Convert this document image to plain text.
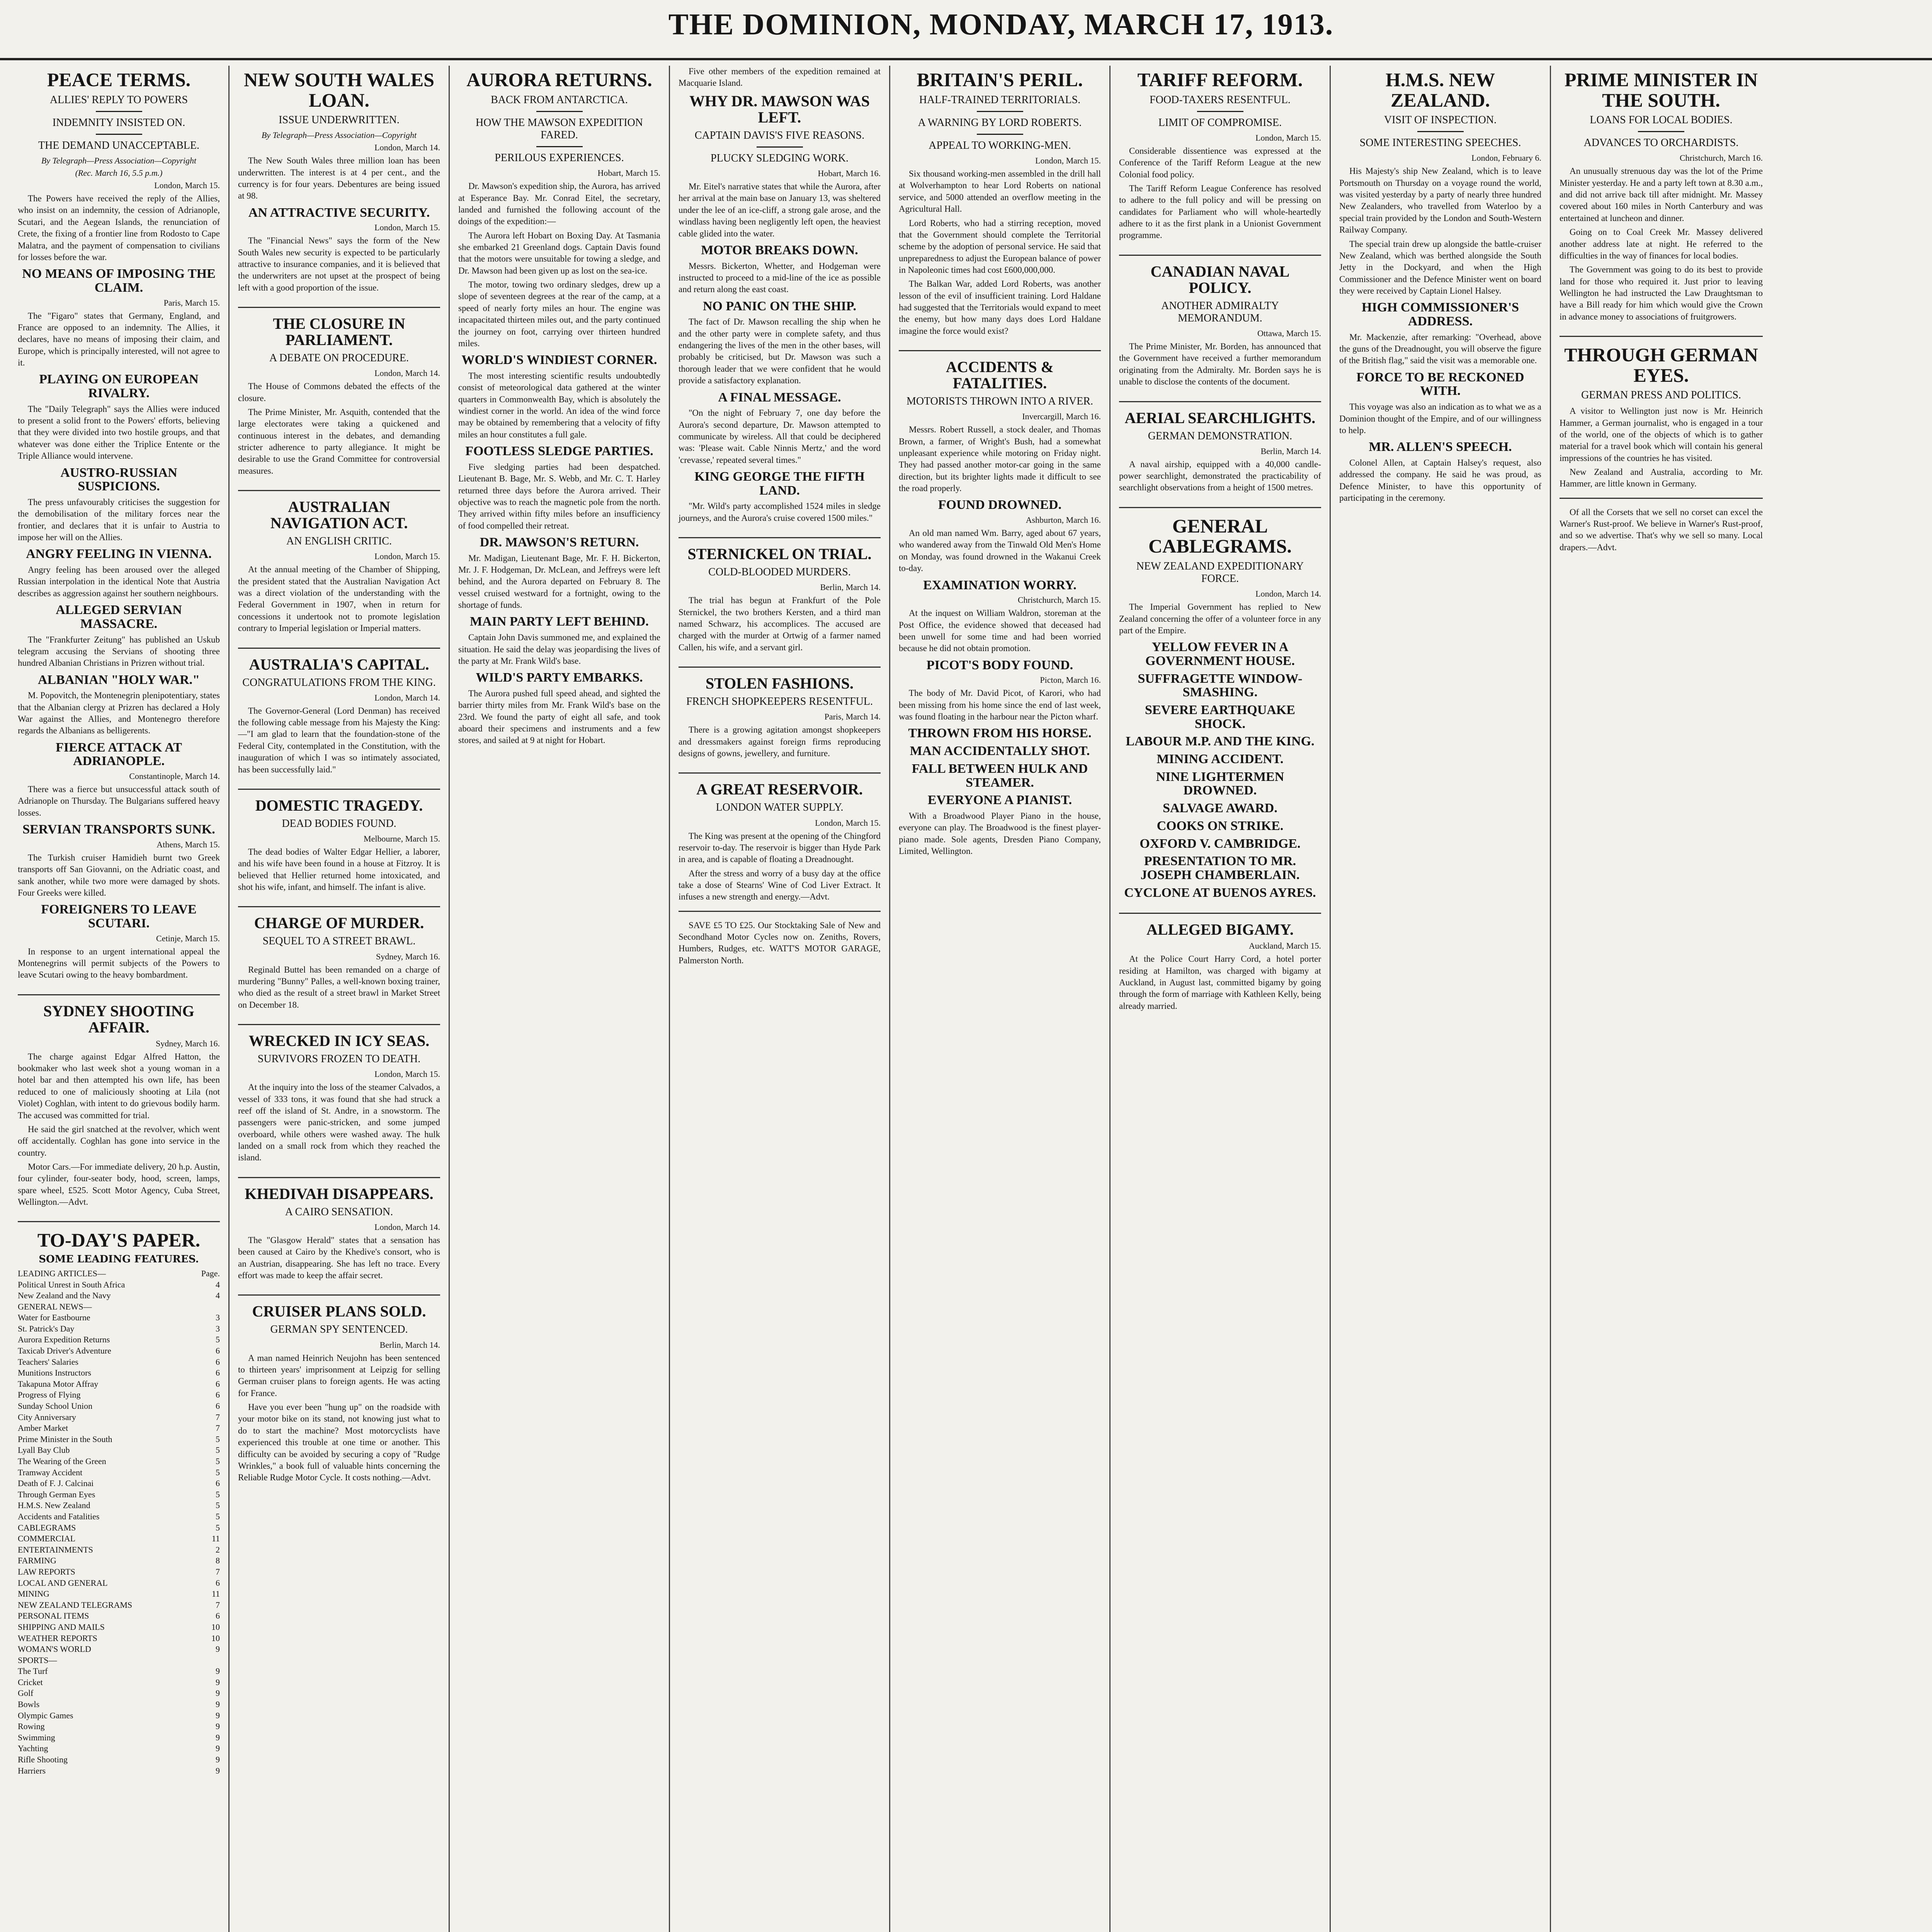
THE DOMINION, MONDAY, MARCH 17, 1913.
PEACE TERMS.
ALLIES' REPLY TO POWERS
INDEMNITY INSISTED ON.
THE DEMAND UNACCEPTABLE.
By Telegraph—Press Association—Copyright
(Rec. March 16, 5.5 p.m.)
London, March 15.

The Powers have received the reply of the Allies, who insist on an indemnity, the cession of Adrianople, Scutari, and the Aegean Islands, the renunciation of Crete, the fixing of a frontier line from Rodosto to Cape Malatra, and the payment of compensation to civilians for losses before the war.

NO MEANS OF IMPOSING THE CLAIM.
Paris, March 15.

The "Figaro" states that Germany, England, and France are opposed to an indemnity. The Allies, it declares, have no means of imposing their claim, and Europe, which is principally interested, will not agree to it.

PLAYING ON EUROPEAN RIVALRY.

The "Daily Telegraph" says the Allies were induced to present a solid front to the Powers' efforts, believing that they were divided into two hostile groups, and that whatever was done either the Triplice Entente or the Triple Alliance would intervene.

AUSTRO-RUSSIAN SUSPICIONS.

The press unfavourably criticises the suggestion for the demobilisation of the military forces near the frontier, and declares that it is unfair to Austria to impose her will on the Allies.

ANGRY FEELING IN VIENNA.

Angry feeling has been aroused over the alleged Russian interpolation in the identical Note that Austria describes as aggression against her southern neighbours.

ALLEGED SERVIAN MASSACRE.

The "Frankfurter Zeitung" has published an Uskub telegram accusing the Servians of shooting three hundred Albanian Christians in Prizren without trial.

ALBANIAN "HOLY WAR."

M. Popovitch, the Montenegrin plenipotentiary, states that the Albanian clergy at Prizren has declared a Holy War against the Allies, and Montenegro therefore regards the Albanians as belligerents.

FIERCE ATTACK AT ADRIANOPLE.
Constantinople, March 14.

There was a fierce but unsuccessful attack south of Adrianople on Thursday. The Bulgarians suffered heavy losses.

SERVIAN TRANSPORTS SUNK.
Athens, March 15.

The Turkish cruiser Hamidieh burnt two Greek transports off San Giovanni, on the Adriatic coast, and sank another, while two more were damaged by shots. Four Greeks were killed.

FOREIGNERS TO LEAVE SCUTARI.
Cetinje, March 15.

In response to an urgent international appeal the Montenegrins will permit subjects of the Powers to leave Scutari owing to the heavy bombardment.

SYDNEY SHOOTING AFFAIR.
Sydney, March 16.

The charge against Edgar Alfred Hatton, the bookmaker who last week shot a young woman in a hotel bar and then attempted his own life, has been reduced to one of maliciously shooting at Lila (not Violet) Coghlan, with intent to do grievous bodily harm. The accused was committed for trial.

He said the girl snatched at the revolver, which went off accidentally. Coghlan has gone into service in the country.

Motor Cars.—For immediate delivery, 20 h.p. Austin, four cylinder, four-seater body, hood, screen, lamps, spare wheel, £525. Scott Motor Agency, Cuba Street, Wellington.—Advt.

TO-DAY'S PAPER.
SOME LEADING FEATURES.
LEADING ARTICLES—	Page.
Political Unrest in South Africa	4
New Zealand and the Navy	4
GENERAL NEWS—
Water for Eastbourne	3
St. Patrick's Day	3
Aurora Expedition Returns	5
Taxicab Driver's Adventure	6
Teachers' Salaries	6
Munitions Instructors	6
Takapuna Motor Affray	6
Progress of Flying	6
Sunday School Union	6
City Anniversary	7
Amber Market	7
Prime Minister in the South	5
Lyall Bay Club	5
The Wearing of the Green	5
Tramway Accident	5
Death of F. J. Calcinai	6
Through German Eyes	5
H.M.S. New Zealand	5
Accidents and Fatalities	5
CABLEGRAMS	5
COMMERCIAL	11
ENTERTAINMENTS	2
FARMING	8
LAW REPORTS	7
LOCAL AND GENERAL	6
MINING	11
NEW ZEALAND TELEGRAMS	7
PERSONAL ITEMS	6
SHIPPING AND MAILS	10
WEATHER REPORTS	10
WOMAN'S WORLD	9
SPORTS—
The Turf	9
Cricket	9
Golf	9
Bowls	9
Olympic Games	9
Rowing	9
Swimming	9
Yachting	9
Rifle Shooting	9
Harriers	9
NEW SOUTH WALES LOAN.
ISSUE UNDERWRITTEN.
By Telegraph—Press Association—Copyright
London, March 14.

The New South Wales three million loan has been underwritten. The interest is at 4 per cent., and the currency is for four years. Debentures are being issued at 98.

AN ATTRACTIVE SECURITY.
London, March 15.

The "Financial News" says the form of the New South Wales new security is expected to be particularly attractive to insurance companies, and it is believed that the underwriters are not upset at the prospect of being left with a good proportion of the issue.

THE CLOSURE IN PARLIAMENT.
A DEBATE ON PROCEDURE.
London, March 14.

The House of Commons debated the effects of the closure.

The Prime Minister, Mr. Asquith, contended that the large electorates were taking a quickened and continuous interest in the debates, and demanding stricter adherence to party allegiance. It might be desirable to use the Grand Committee for controversial measures.

AUSTRALIAN NAVIGATION ACT.
AN ENGLISH CRITIC.
London, March 15.

At the annual meeting of the Chamber of Shipping, the president stated that the Australian Navigation Act was a direct violation of the understanding with the Federal Government in 1907, when in return for concessions it undertook not to promote legislation contrary to Imperial legislation or Imperial matters.

AUSTRALIA'S CAPITAL.
CONGRATULATIONS FROM THE KING.
London, March 14.

The Governor-General (Lord Denman) has received the following cable message from his Majesty the King:—"I am glad to learn that the foundation-stone of the Federal City, contemplated in the Constitution, with the inauguration of which I was so intimately associated, has been successfully laid."

DOMESTIC TRAGEDY.
DEAD BODIES FOUND.
Melbourne, March 15.

The dead bodies of Walter Edgar Hellier, a laborer, and his wife have been found in a house at Fitzroy. It is believed that Hellier returned home intoxicated, and shot his wife, infant, and himself. The infant is alive.

CHARGE OF MURDER.
SEQUEL TO A STREET BRAWL.
Sydney, March 16.

Reginald Buttel has been remanded on a charge of murdering "Bunny" Palles, a well-known boxing trainer, who died as the result of a street brawl in Market Street on December 18.

WRECKED IN ICY SEAS.
SURVIVORS FROZEN TO DEATH.
London, March 15.

At the inquiry into the loss of the steamer Calvados, a vessel of 333 tons, it was found that she had struck a reef off the island of St. Andre, in a snowstorm. The passengers were panic-stricken, and some jumped overboard, while others were washed away. The hulk landed on a small rock from which they reached the island.

KHEDIVAH DISAPPEARS.
A CAIRO SENSATION.
London, March 14.

The "Glasgow Herald" states that a sensation has been caused at Cairo by the Khedive's consort, who is an Austrian, disappearing. She has left no trace. Every effort was made to keep the affair secret.

CRUISER PLANS SOLD.
GERMAN SPY SENTENCED.
Berlin, March 14.

A man named Heinrich Neujohn has been sentenced to thirteen years' imprisonment at Leipzig for selling German cruiser plans to foreign agents. He was acting for France.

Have you ever been "hung up" on the roadside with your motor bike on its stand, not knowing just what to do to start the machine? Most motorcyclists have experienced this trouble at one time or another. This difficulty can be avoided by securing a copy of "Rudge Wrinkles," a book full of valuable hints concerning the Reliable Rudge Motor Cycle. It costs nothing.—Advt.

AURORA RETURNS.
BACK FROM ANTARCTICA.
HOW THE MAWSON EXPEDITION FARED.
PERILOUS EXPERIENCES.
Hobart, March 15.

Dr. Mawson's expedition ship, the Aurora, has arrived at Esperance Bay. Mr. Conrad Eitel, the secretary, landed and furnished the following account of the doings of the expedition:—

The Aurora left Hobart on Boxing Day. At Tasmania she embarked 21 Greenland dogs. Captain Davis found that the motors were unsuitable for towing a sledge, and Dr. Mawson had been given up as lost on the sea-ice.

The motor, towing two ordinary sledges, drew up a slope of seventeen degrees at the rear of the camp, at a speed of nearly forty miles an hour. The engine was incapacitated thirteen miles out, and the party continued the journey on foot, carrying over thirteen hundred miles.

WORLD'S WINDIEST CORNER.

The most interesting scientific results undoubtedly consist of meteorological data gathered at the winter quarters in Commonwealth Bay, which is absolutely the windiest corner in the world. An idea of the wind force may be obtained by remembering that a velocity of fifty miles an hour constitutes a full gale.

FOOTLESS SLEDGE PARTIES.

Five sledging parties had been despatched. Lieutenant B. Bage, Mr. S. Webb, and Mr. C. T. Harley returned three days before the Aurora arrived. Their objective was to reach the magnetic pole from the north. They arrived within fifty miles before an insufficiency of food compelled their retreat.

DR. MAWSON'S RETURN.

Mr. Madigan, Lieutenant Bage, Mr. F. H. Bickerton, Mr. J. F. Hodgeman, Dr. McLean, and Jeffreys were left behind, and the Aurora departed on February 8. The vessel cruised westward for a fortnight, owing to the shortage of funds.

MAIN PARTY LEFT BEHIND.

Captain John Davis summoned me, and explained the situation. He said the delay was jeopardising the lives of the party at Mr. Frank Wild's base.

WILD'S PARTY EMBARKS.

The Aurora pushed full speed ahead, and sighted the barrier thirty miles from Mr. Frank Wild's base on the 23rd. We found the party of eight all safe, and took aboard their specimens and instruments and a few stores, and sailed at 9 at night for Hobart.

Five other members of the expedition remained at Macquarie Island.

WHY DR. MAWSON WAS LEFT.
CAPTAIN DAVIS'S FIVE REASONS.
PLUCKY SLEDGING WORK.
Hobart, March 16.

Mr. Eitel's narrative states that while the Aurora, after her arrival at the main base on January 13, was sheltered under the lee of an ice-cliff, a strong gale arose, and the windlass having been negligently left open, the heaviest cable glided into the water.

MOTOR BREAKS DOWN.

Messrs. Bickerton, Whetter, and Hodgeman were instructed to proceed to a mid-line of the ice as possible and return along the east coast.

NO PANIC ON THE SHIP.

The fact of Dr. Mawson recalling the ship when he and the other party were in complete safety, and thus endangering the lives of the men in the other bases, will probably be criticised, but Dr. Mawson was such a thorough leader that we were confident that he would provide a satisfactory explanation.

A FINAL MESSAGE.

"On the night of February 7, one day before the Aurora's second departure, Dr. Mawson attempted to communicate by wireless. All that could be deciphered was: 'Please wait. Cable Ninnis Mertz,' and the word 'crevasse,' repeated several times."

KING GEORGE THE FIFTH LAND.

"Mr. Wild's party accomplished 1524 miles in sledge journeys, and the Aurora's cruise covered 1500 miles."

STERNICKEL ON TRIAL.
COLD-BLOODED MURDERS.
Berlin, March 14.

The trial has begun at Frankfurt of the Pole Sternickel, the two brothers Kersten, and a third man named Schwarz, his accomplices. The accused are charged with the murder at Ortwig of a farmer named Callen, his wife, and a servant girl.

STOLEN FASHIONS.
FRENCH SHOPKEEPERS RESENTFUL.
Paris, March 14.

There is a growing agitation amongst shopkeepers and dressmakers against foreign firms reproducing designs of gowns, jewellery, and furniture.

A GREAT RESERVOIR.
LONDON WATER SUPPLY.
London, March 15.

The King was present at the opening of the Chingford reservoir to-day. The reservoir is bigger than Hyde Park in area, and is capable of floating a Dreadnought.

After the stress and worry of a busy day at the office take a dose of Stearns' Wine of Cod Liver Extract. It infuses a new strength and energy.—Advt.

SAVE £5 TO £25. Our Stocktaking Sale of New and Secondhand Motor Cycles now on. Zeniths, Rovers, Humbers, Rudges, etc. WATT'S MOTOR GARAGE, Palmerston North.

BRITAIN'S PERIL.
HALF-TRAINED TERRITORIALS.
A WARNING BY LORD ROBERTS.
APPEAL TO WORKING-MEN.
London, March 15.

Six thousand working-men assembled in the drill hall at Wolverhampton to hear Lord Roberts on national service, and 5000 attended an overflow meeting in the Agricultural Hall.

Lord Roberts, who had a stirring reception, moved that the Government should complete the Territorial scheme by the adoption of personal service. He said that unpreparedness to adjust the European balance of power in Napoleonic times had cost £600,000,000.

The Balkan War, added Lord Roberts, was another lesson of the evil of insufficient training. Lord Haldane had suggested that the Territorials would expand to meet the enemy, but how many days does Lord Haldane imagine the force would exist?

ACCIDENTS & FATALITIES.
MOTORISTS THROWN INTO A RIVER.
Invercargill, March 16.

Messrs. Robert Russell, a stock dealer, and Thomas Brown, a farmer, of Wright's Bush, had a somewhat unpleasant experience while motoring on Friday night. They had passed another motor-car going in the same direction, but its brighter lights made it difficult to see the road properly.

FOUND DROWNED.
Ashburton, March 16.

An old man named Wm. Barry, aged about 67 years, who wandered away from the Tinwald Old Men's Home on Monday, was found drowned in the Wakanui Creek to-day.

EXAMINATION WORRY.
Christchurch, March 15.

At the inquest on William Waldron, storeman at the Post Office, the evidence showed that deceased had been unwell for some time and had been worried because he did not obtain promotion.

PICOT'S BODY FOUND.
Picton, March 16.

The body of Mr. David Picot, of Karori, who had been missing from his home since the end of last week, was found floating in the harbour near the Picton wharf.

THROWN FROM HIS HORSE.
MAN ACCIDENTALLY SHOT.
FALL BETWEEN HULK AND STEAMER.
EVERYONE A PIANIST.

With a Broadwood Player Piano in the house, everyone can play. The Broadwood is the finest player-piano made. Sole agents, Dresden Piano Company, Limited, Wellington.

TARIFF REFORM.
FOOD-TAXERS RESENTFUL.
LIMIT OF COMPROMISE.
London, March 15.

Considerable dissentience was expressed at the Conference of the Tariff Reform League at the new Colonial food policy.

The Tariff Reform League Conference has resolved to adhere to the full policy and will be pressing on candidates for Parliament who will whole-heartedly adhere to it as the first plank in a Unionist Government programme.

CANADIAN NAVAL POLICY.
ANOTHER ADMIRALTY MEMORANDUM.
Ottawa, March 15.

The Prime Minister, Mr. Borden, has announced that the Government have received a further memorandum originating from the Admiralty. Mr. Borden says he is unable to disclose the contents of the document.

AERIAL SEARCHLIGHTS.
GERMAN DEMONSTRATION.
Berlin, March 14.

A naval airship, equipped with a 40,000 candle-power searchlight, demonstrated the practicability of searchlight observations from a height of 1500 metres.

GENERAL CABLEGRAMS.
NEW ZEALAND EXPEDITIONARY FORCE.
London, March 14.

The Imperial Government has replied to New Zealand concerning the offer of a volunteer force in any part of the Empire.

YELLOW FEVER IN A GOVERNMENT HOUSE.
SUFFRAGETTE WINDOW-SMASHING.
SEVERE EARTHQUAKE SHOCK.
LABOUR M.P. AND THE KING.
MINING ACCIDENT.
NINE LIGHTERMEN DROWNED.
SALVAGE AWARD.
COOKS ON STRIKE.
OXFORD V. CAMBRIDGE.
PRESENTATION TO MR. JOSEPH CHAMBERLAIN.
CYCLONE AT BUENOS AYRES.
ALLEGED BIGAMY.
Auckland, March 15.

At the Police Court Harry Cord, a hotel porter residing at Hamilton, was charged with bigamy at Auckland, in August last, committed bigamy by going through the form of marriage with Kathleen Kelly, being already married.

H.M.S. NEW ZEALAND.
VISIT OF INSPECTION.
SOME INTERESTING SPEECHES.
London, February 6.

His Majesty's ship New Zealand, which is to leave Portsmouth on Thursday on a voyage round the world, was visited yesterday by a party of nearly three hundred New Zealanders, who travelled from Waterloo by a special train provided by the London and South-Western Railway Company.

The special train drew up alongside the battle-cruiser New Zealand, which was berthed alongside the South Jetty in the Dockyard, and when the High Commissioner and the Defence Minister went on board they were received by Captain Lionel Halsey.

HIGH COMMISSIONER'S ADDRESS.

Mr. Mackenzie, after remarking: "Overhead, above the guns of the Dreadnought, you will observe the figure of the British flag," said the visit was a memorable one.

FORCE TO BE RECKONED WITH.

This voyage was also an indication as to what we as a Dominion thought of the Empire, and of our willingness to help.

MR. ALLEN'S SPEECH.

Colonel Allen, at Captain Halsey's request, also addressed the company. He said he was proud, as Defence Minister, to have this opportunity of participating in the ceremony.

PRIME MINISTER IN THE SOUTH.
LOANS FOR LOCAL BODIES.
ADVANCES TO ORCHARDISTS.
Christchurch, March 16.

An unusually strenuous day was the lot of the Prime Minister yesterday. He and a party left town at 8.30 a.m., and did not arrive back till after midnight. Mr. Massey covered about 160 miles in North Canterbury and was entertained at luncheon and dinner.

Going on to Coal Creek Mr. Massey delivered another address late at night. He referred to the difficulties in the way of finances for local bodies.

The Government was going to do its best to provide land for those who required it. Just prior to leaving Wellington he had instructed the Law Draughtsman to have a Bill ready for him which would give the Crown in advance money to associations of fruitgrowers.

THROUGH GERMAN EYES.
GERMAN PRESS AND POLITICS.

A visitor to Wellington just now is Mr. Heinrich Hammer, a German journalist, who is engaged in a tour of the world, one of the objects of which is to gather material for a travel book which will contain his general impressions of the countries he has visited.

New Zealand and Australia, according to Mr. Hammer, are little known in Germany.

Of all the Corsets that we sell no corset can excel the Warner's Rust-proof. We believe in Warner's Rust-proof, and so we advertise. That's why we sell so many. Local drapers.—Advt.
